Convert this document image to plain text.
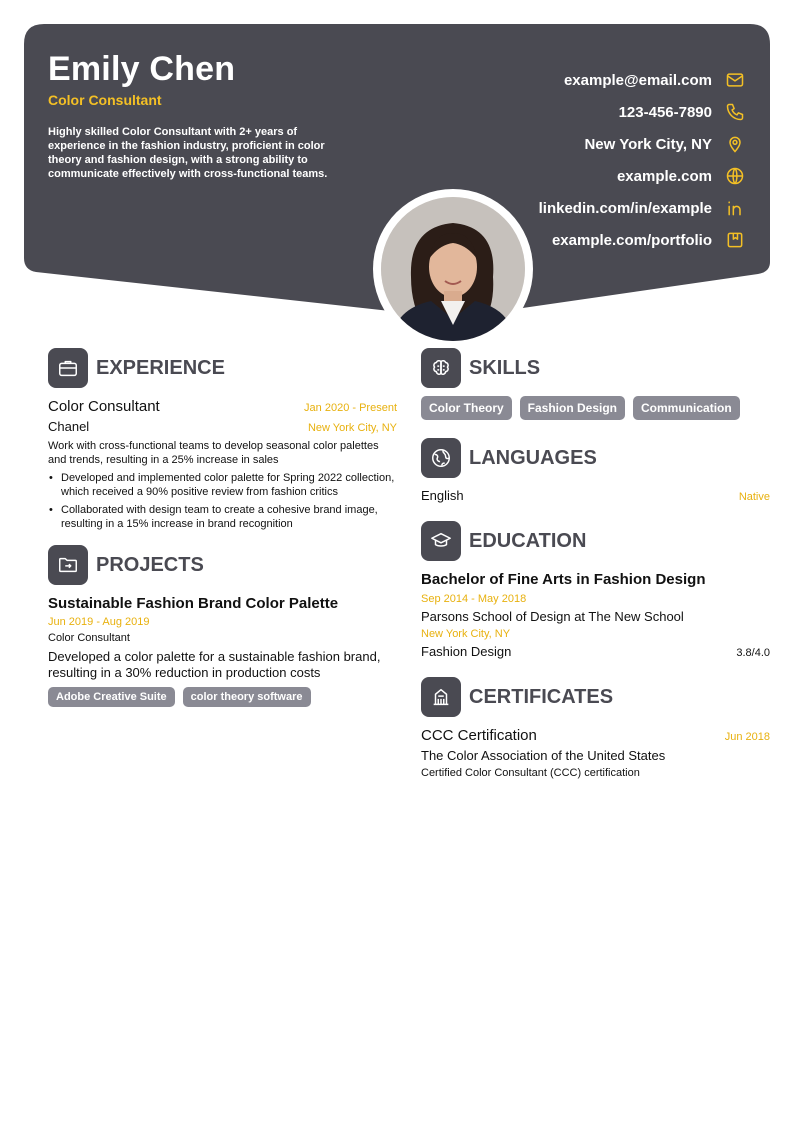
Emily Chen
Color Consultant
Highly skilled Color Consultant with 2+ years of experience in the fashion industry, proficient in color theory and fashion design, with a strong ability to communicate effectively with cross-functional teams.
example@email.com
123-456-7890
New York City, NY
example.com
linkedin.com/in/example
example.com/portfolio
EXPERIENCE
Color Consultant	Jan 2020 - Present
Chanel	New York City, NY
Work with cross-functional teams to develop seasonal color palettes and trends, resulting in a 25% increase in sales
• Developed and implemented color palette for Spring 2022 collection, which received a 90% positive review from fashion critics
• Collaborated with design team to create a cohesive brand image, resulting in a 15% increase in brand recognition
PROJECTS
Sustainable Fashion Brand Color Palette
Jun 2019 - Aug 2019
Color Consultant
Developed a color palette for a sustainable fashion brand, resulting in a 30% reduction in production costs
Adobe Creative Suite	color theory software
SKILLS
Color Theory	Fashion Design	Communication
LANGUAGES
English	Native
EDUCATION
Bachelor of Fine Arts in Fashion Design
Sep 2014 - May 2018
Parsons School of Design at The New School
New York City, NY
Fashion Design	3.8/4.0
CERTIFICATES
CCC Certification	Jun 2018
The Color Association of the United States
Certified Color Consultant (CCC) certification
